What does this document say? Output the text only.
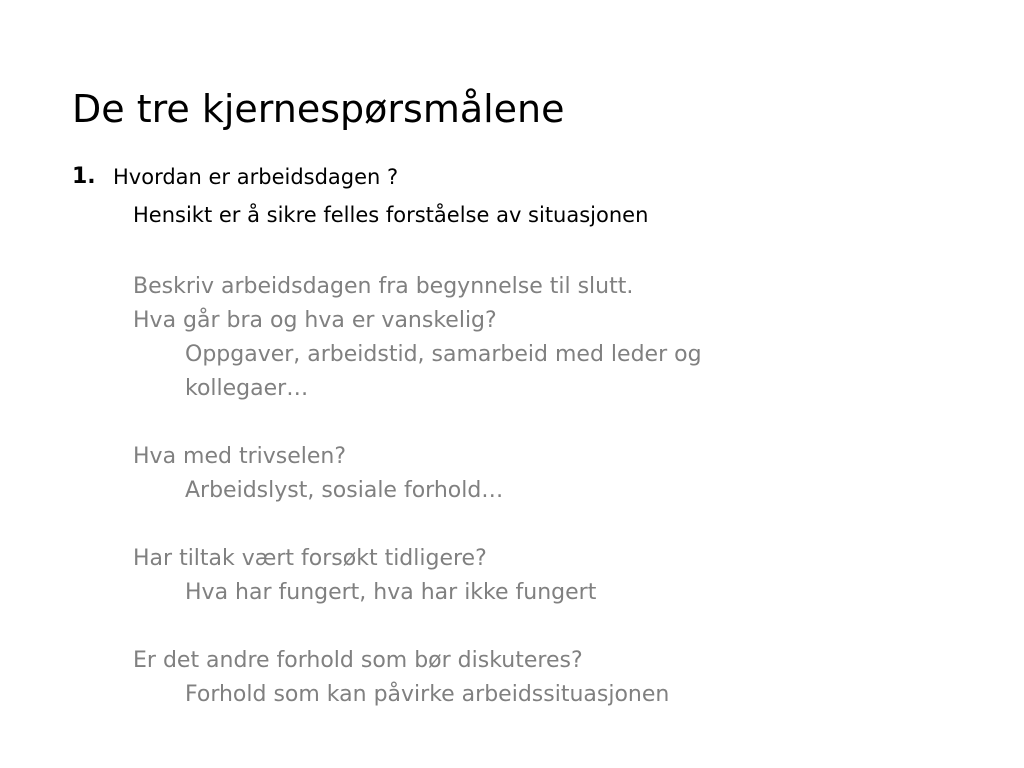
De tre kjernespørsmålene
1. Hvordan er arbeidsdagen ?
Hensikt er å sikre felles forståelse av situasjonen
Beskriv arbeidsdagen fra begynnelse til slutt.
Hva går bra og hva er vanskelig?
Oppgaver, arbeidstid, samarbeid med leder og
kollegaer…
Hva med trivselen?
Arbeidslyst, sosiale forhold…
Har tiltak vært forsøkt tidligere?
Hva har fungert, hva har ikke fungert
Er det andre forhold som bør diskuteres?
Forhold som kan påvirke arbeidssituasjonen
